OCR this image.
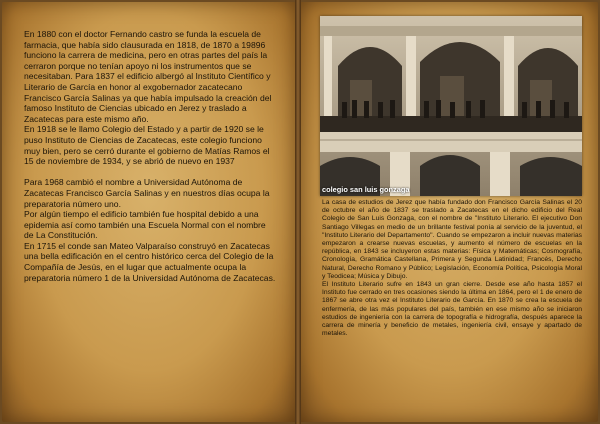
En 1880 con el doctor Fernando castro se funda la escuela de farmacia, que había sido clausurada en 1818, de 1870 a 19896 funciono la carrera de medicina, pero en otras partes del país la cerraron porque no tenían apoyo ni los instrumentos que se necesitaban. Para 1837 el edificio albergó al Instituto Científico y Literario de García en honor al exgobernador zacatecano Francisco García Salinas ya que había impulsado la creación del famoso Instituto de Ciencias ubicado en Jerez y traslado a Zacatecas para este mismo año.

En 1918 se le llamo Colegio del Estado y a partir de 1920 se le puso Instituto de Ciencias de Zacatecas, este colegio funciono muy bien, pero se cerró durante el gobierno de Matías Ramos el 15 de noviembre de 1934, y se abrió de nuevo en 1937

Para 1968 cambió el nombre a Universidad Autónoma de Zacatecas Francisco García Salinas y en nuestros días ocupa la preparatoria número uno.

Por algún tiempo el edificio también fue hospital debido a una epidemia así como también una Escuela Normal con el nombre de La Constitución.

En 1715 el conde san Mateo Valparaíso construyó en Zacatecas una bella edificación en el centro histórico cerca del Colegio de la Compañía de Jesús, en el lugar que actualmente ocupa la preparatoria número 1 de la Universidad Autónoma de Zacatecas.

colegio san luis gonzaga

La casa de estudios de Jerez que había fundado don Francisco García Salinas el 20 de octubre el año de 1837 se traslado a Zacatecas en el dicho edificio del Real Colegio de San Luis Gonzaga, con el nombre de "Instituto Literario. El ejecutivo Don Santiago Villegas en medio de un brillante festival ponía al servicio de la juventud, el "Instituto Literario del Departamento". Cuando se empezaron a incluir nuevas materias empezaron a crearse nuevas escuelas, y aumento el número de escuelas en la república, en 1843 se incluyeron estas materias: Física y Matemáticas; Cosmografía, Cronología, Gramática Castellana, Primera y Segunda Latinidad; Francés, Derecho Natural, Derecho Romano y Público; Legislación, Economía Política, Psicología Moral y Teodicea; Música y Dibujo.

El Instituto Literario sufre en 1843 un gran cierre. Desde ese año hasta 1857 el Instituto fue cerrado en tres ocasiones siendo la última en 1864, pero el 1 de enero de 1867 se abre otra vez el Instituto Literario de García. En 1870 se crea la escuela de enfermería, de las más populares del país, también en ese mismo año se iniciaron estudios de ingeniería con la carrera de topografía e hidrografía, después aparece la carrera de minería y beneficio de metales, ingeniería civil, ensaye y apartado de metales.
